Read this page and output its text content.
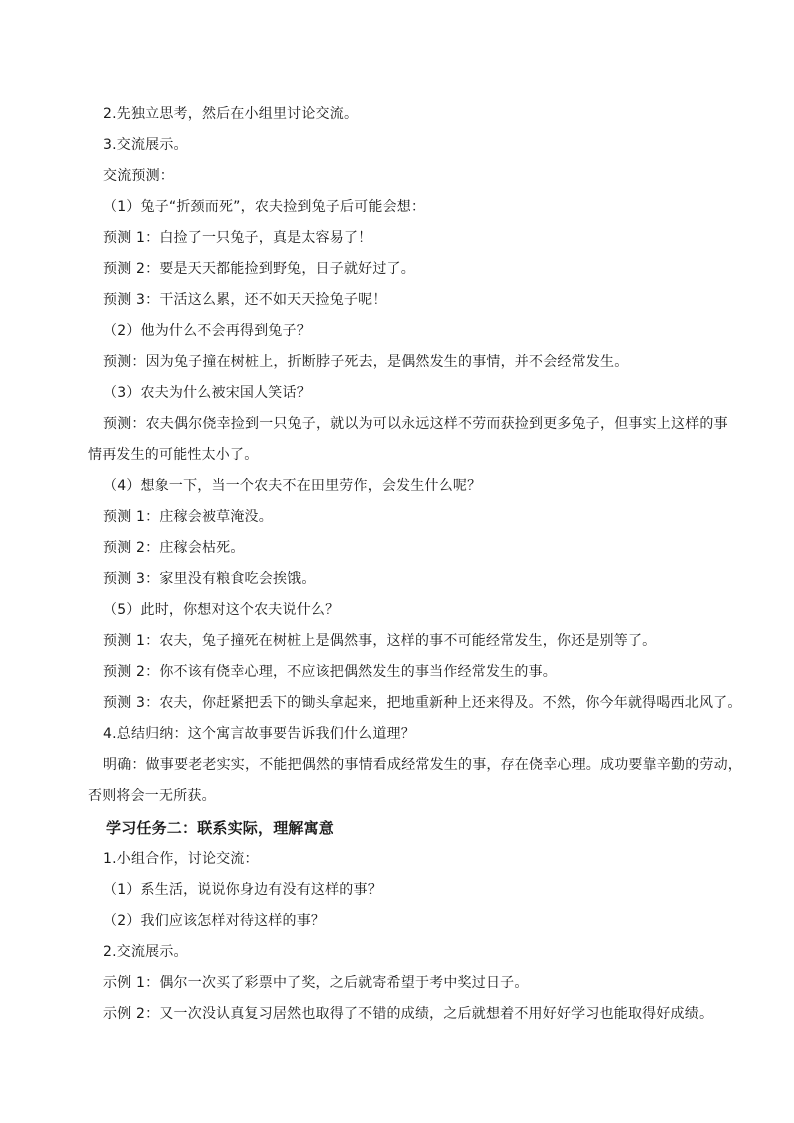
2.先独立思考，然后在小组里讨论交流。
3.交流展示。
交流预测：
（1）兔子“折颈而死”，农夫捡到兔子后可能会想：
预测 1：白捡了一只兔子，真是太容易了！
预测 2：要是天天都能捡到野兔，日子就好过了。
预测 3：干活这么累，还不如天天捡兔子呢！
（2）他为什么不会再得到兔子？
预测：因为兔子撞在树桩上，折断脖子死去，是偶然发生的事情，并不会经常发生。
（3）农夫为什么被宋国人笑话？
预测：农夫偶尔侥幸捡到一只兔子，就以为可以永远这样不劳而获捡到更多兔子，但事实上这样的事
情再发生的可能性太小了。
（4）想象一下，当一个农夫不在田里劳作，会发生什么呢？
预测 1：庄稼会被草淹没。
预测 2：庄稼会枯死。
预测 3：家里没有粮食吃会挨饿。
（5）此时，你想对这个农夫说什么？
预测 1：农夫，兔子撞死在树桩上是偶然事，这样的事不可能经常发生，你还是别等了。
预测 2：你不该有侥幸心理，不应该把偶然发生的事当作经常发生的事。
预测 3：农夫，你赶紧把丢下的锄头拿起来，把地重新种上还来得及。不然，你今年就得喝西北风了。
4.总结归纳：这个寓言故事要告诉我们什么道理？
明确：做事要老老实实，不能把偶然的事情看成经常发生的事，存在侥幸心理。成功要靠辛勤的劳动，
否则将会一无所获。
学习任务二：联系实际，理解寓意
1.小组合作，讨论交流：
（1）系生活，说说你身边有没有这样的事？
（2）我们应该怎样对待这样的事？
2.交流展示。
示例 1：偶尔一次买了彩票中了奖，之后就寄希望于考中奖过日子。
示例 2：又一次没认真复习居然也取得了不错的成绩，之后就想着不用好好学习也能取得好成绩。
